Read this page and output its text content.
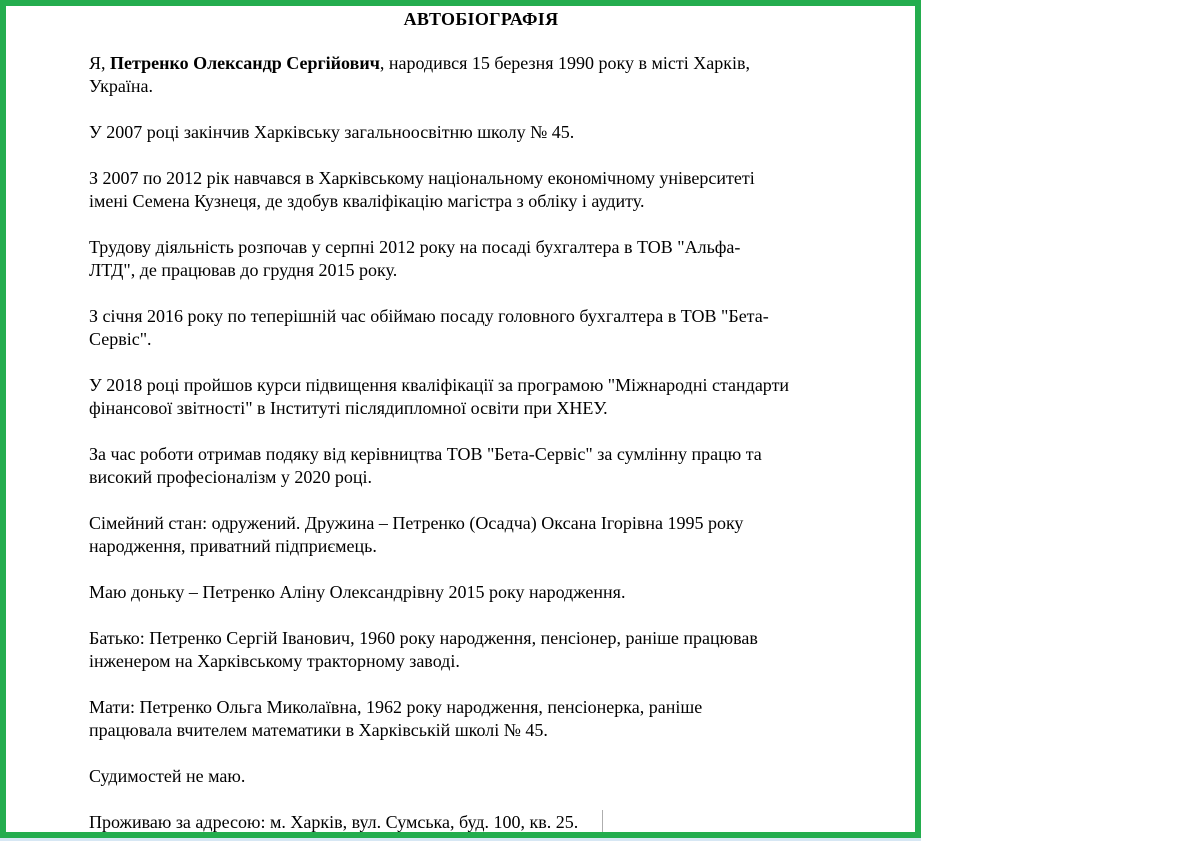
АВТОБІОГРАФІЯ
Я, Петренко Олександр Сергійович, народився 15 березня 1990 року в місті Харків,
Україна.
У 2007 році закінчив Харківську загальноосвітню школу № 45.
З 2007 по 2012 рік навчався в Харківському національному економічному університеті
імені Семена Кузнеця, де здобув кваліфікацію магістра з обліку і аудиту.
Трудову діяльність розпочав у серпні 2012 року на посаді бухгалтера в ТОВ "Альфа-
ЛТД", де працював до грудня 2015 року.
З січня 2016 року по теперішній час обіймаю посаду головного бухгалтера в ТОВ "Бета-
Сервіс".
У 2018 році пройшов курси підвищення кваліфікації за програмою "Міжнародні стандарти
фінансової звітності" в Інституті післядипломної освіти при ХНЕУ.
За час роботи отримав подяку від керівництва ТОВ "Бета-Сервіс" за сумлінну працю та
високий професіоналізм у 2020 році.
Сімейний стан: одружений. Дружина – Петренко (Осадча) Оксана Ігорівна 1995 року
народження, приватний підприємець.
Маю доньку – Петренко Аліну Олександрівну 2015 року народження.
Батько: Петренко Сергій Іванович, 1960 року народження, пенсіонер, раніше працював
інженером на Харківському тракторному заводі.
Мати: Петренко Ольга Миколаївна, 1962 року народження, пенсіонерка, раніше
працювала вчителем математики в Харківській школі № 45.
Судимостей не маю.
Проживаю за адресою: м. Харків, вул. Сумська, буд. 100, кв. 25.
